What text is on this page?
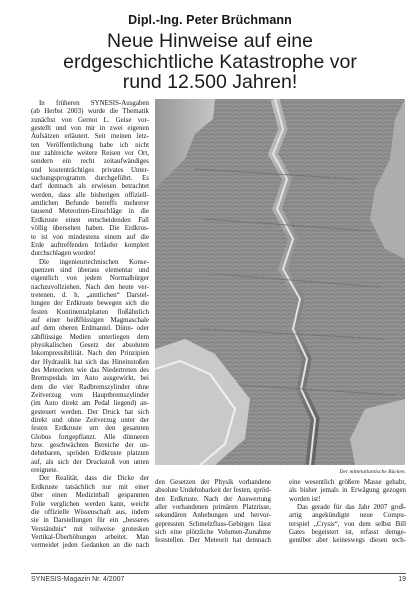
Dipl.-Ing. Peter Brüchmann
Neue Hinweise auf eine
erdgeschichtliche Katastrophe vor
rund 12.500 Jahren!
In früheren SYNESIS-Ausgaben
(ab Herbst 2003) wurde die Thematik
zunächst von Gernot L. Geise vor-
gestellt und von mir in zwei eigenen
Aufsätzen erläutert. Seit meinen letz-
ten Veröffentlichung habe ich nicht
nur zahlreiche weitere Reisen vor Ort,
sondern ein recht zeitaufwändiges
und kostenträchtiges privates Unter-
suchungsprogramm durchgeführt. Es
darf demnach als erwiesen betrachtet
werden, dass alle bisherigen offiziell-
amtlichen Befunde betreffs mehrerer
tausend Meteoriten-Einschläge in die
Erdkruste einen entscheidenden Fall
völlig übersehen haben. Die Erdkrus-
te ist von mindestens einem auf die
Erde auftreffenden Irrläufer komplett
durchschlagen worden!
Die ingenieurtechnischen Konse-
quenzen sind überaus elementar und
eigentlich von jedem Normalbürger
nachzuvollziehen. Nach den heute ver-
tretenen, d. h. „amtlichen“ Darstel-
lungen der Erdkruste bewegen sich die
festen Kontinentalplatten floßähnlich
auf einer heißflüssigen Magmaschale
auf dem oberen Erdmantel. Dünn- oder
zähflüssige Medien unterliegen dem
physikalischen Gesetz der absoluten
Inkompressibilität. Nach den Prinzipien
der Hydraulik hat sich das Hineinstoßen
des Meteoriten wie das Niedertreten des
Bremspedals im Auto ausgewirkt, bei
dem die vier Radbremszylinder ohne
Zeitverzug vom Hauptbremszylinder
(im Auto direkt am Pedal liegend) an-
gesteuert werden. Der Druck hat sich
direkt und ohne Zeitverzug unter der
festen Erdkruste um den gesamten
Globus fortgepflanzt. Alle dünneren
bzw. geschwächten Bereiche der un-
dehnbaren, spröden Erdkruste platzten
auf, als sich der Druckstoß von unten
ereignete.
Der Realität, dass die Dicke der
Erdkruste tatsächlich nur mit einer
über einen Medizinball gespannten
Folie verglichen werden kann, weicht
die offizielle Wissenschaft aus, indem
sie in Darstellungen für ein „besseres
Verständnis“ mit teilweise grotesken
Vertikal-Überhöhungen arbeitet. Man
vermeidet jeden Gedanken an die nach
Der mittelatlantische Rücken.
den Gesetzen der Physik vorhandene
absolute Undehnbarkeit der festen, spröd-
den Erdkruste. Nach der Auswertung
aller vorhandenen primären Platzrisse,
sekundären Anhebungen und hervor-
gepressten Schmelzfluss-Gebirgen lässt
sich eine plötzliche Volumen-Zunahme
feststellen. Der Meteorit hat demnach
eine wesentlich größere Masse gehabt,
als bisher jemals in Erwägung gezogen
worden ist!
Das gerade für das Jahr 2007 groß-
artig angekündigte neue Compu-
terspiel „Crysis“, von dem selbst Bill
Gates begeistert ist, erfasst demge-
genüber aber keineswegs diesen tech-
SYNESIS-Magazin Nr. 4/2007	19
